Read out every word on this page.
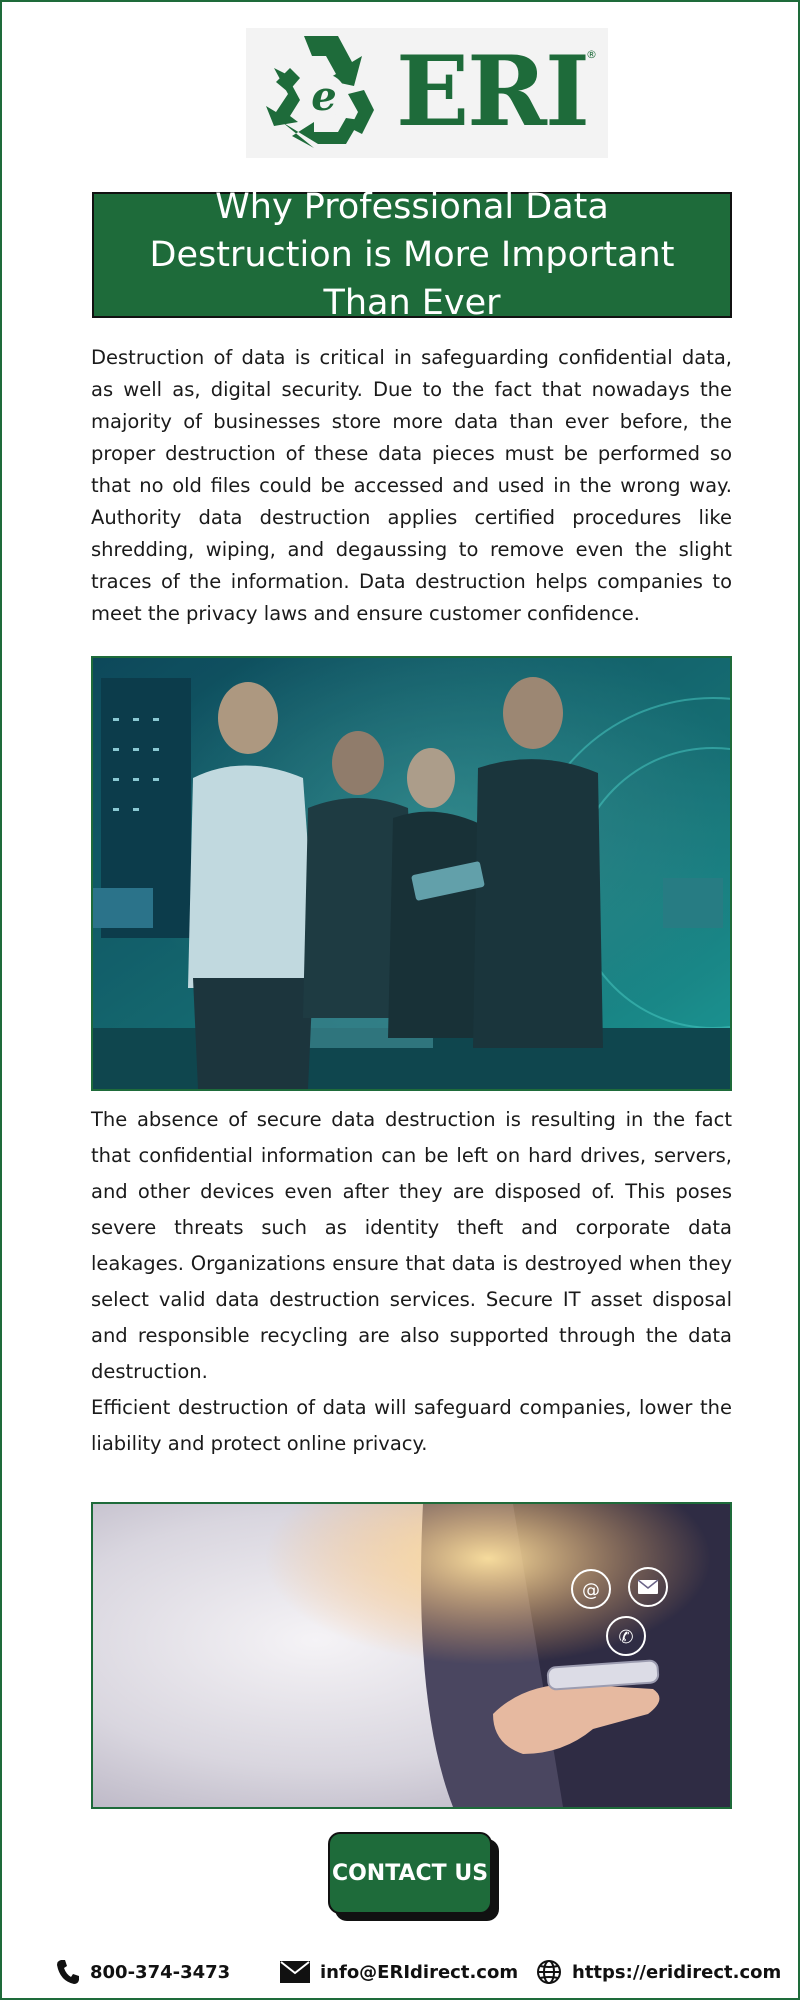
e ERI
®
Why Professional Data Destruction is More Important Than Ever

Destruction of data is critical in safeguarding confidential data, as well as, digital security. Due to the fact that nowadays the majority of businesses store more data than ever before, the proper destruction of these data pieces must be performed so that no old files could be accessed and used in the wrong way. Authority data destruction applies certified procedures like shredding, wiping, and degaussing to remove even the slight traces of the information. Data destruction helps companies to meet the privacy laws and ensure customer confidence.

The absence of secure data destruction is resulting in the fact that confidential information can be left on hard drives, servers, and other devices even after they are disposed of. This poses severe threats such as identity theft and corporate data leakages. Organizations ensure that data is destroyed when they select valid data destruction services. Secure IT asset disposal and responsible recycling are also supported through the data destruction.

Efficient destruction of data will safeguard companies, lower the liability and protect online privacy.

@
✆
CONTACT US
800-374-3473	info@ERIdirect.com	https://eridirect.com
